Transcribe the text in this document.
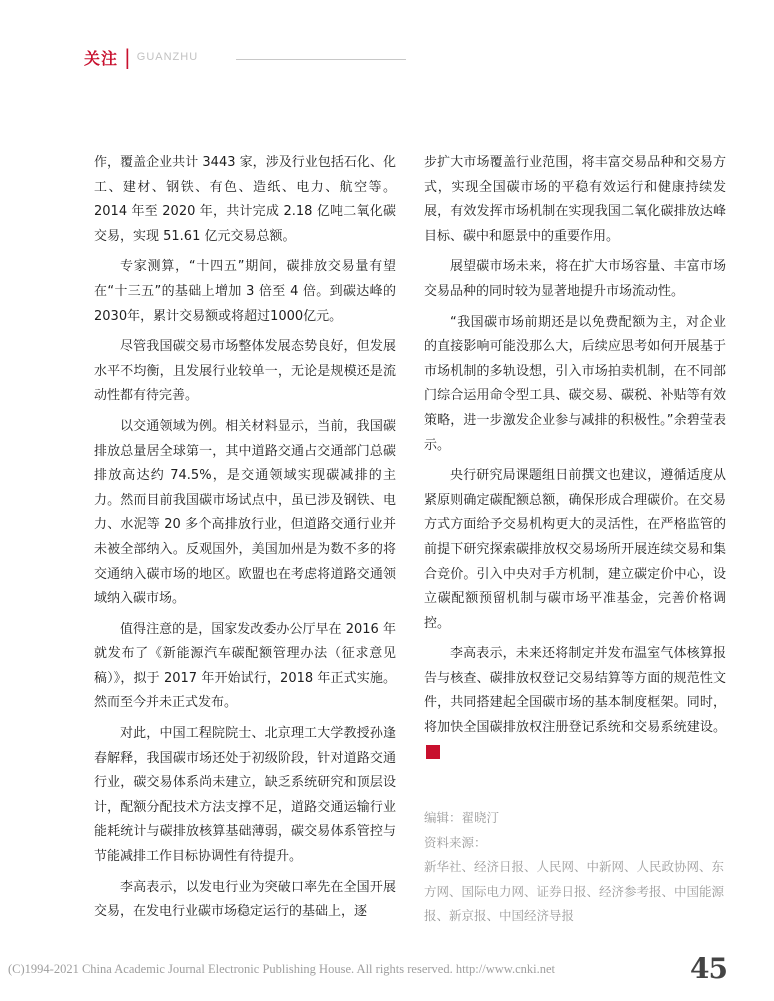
关注 | GUANZHU

作，覆盖企业共计 3443 家，涉及行业包括石化、化工、建材、钢铁、有色、造纸、电力、航空等。2014 年至 2020 年，共计完成 2.18 亿吨二氧化碳交易，实现 51.61 亿元交易总额。

专家测算，“十四五”期间，碳排放交易量有望在“十三五”的基础上增加 3 倍至 4 倍。到碳达峰的2030年，累计交易额或将超过1000亿元。

尽管我国碳交易市场整体发展态势良好，但发展水平不均衡，且发展行业较单一，无论是规模还是流动性都有待完善。

以交通领域为例。相关材料显示，当前，我国碳排放总量居全球第一，其中道路交通占交通部门总碳排放高达约 74.5%，是交通领域实现碳减排的主力。然而目前我国碳市场试点中，虽已涉及钢铁、电力、水泥等 20 多个高排放行业，但道路交通行业并未被全部纳入。反观国外，美国加州是为数不多的将交通纳入碳市场的地区。欧盟也在考虑将道路交通领域纳入碳市场。

值得注意的是，国家发改委办公厅早在 2016 年就发布了《新能源汽车碳配额管理办法（征求意见稿）》，拟于 2017 年开始试行，2018 年正式实施。然而至今并未正式发布。

对此，中国工程院院士、北京理工大学教授孙逢春解释，我国碳市场还处于初级阶段，针对道路交通行业，碳交易体系尚未建立，缺乏系统研究和顶层设计，配额分配技术方法支撑不足，道路交通运输行业能耗统计与碳排放核算基础薄弱，碳交易体系管控与节能减排工作目标协调性有待提升。

李高表示，以发电行业为突破口率先在全国开展交易，在发电行业碳市场稳定运行的基础上，逐

步扩大市场覆盖行业范围，将丰富交易品种和交易方式，实现全国碳市场的平稳有效运行和健康持续发展，有效发挥市场机制在实现我国二氧化碳排放达峰目标、碳中和愿景中的重要作用。

展望碳市场未来，将在扩大市场容量、丰富市场交易品种的同时较为显著地提升市场流动性。

“我国碳市场前期还是以免费配额为主，对企业的直接影响可能没那么大，后续应思考如何开展基于市场机制的多轨设想，引入市场拍卖机制，在不同部门综合运用命令型工具、碳交易、碳税、补贴等有效策略，进一步激发企业参与减排的积极性。”余碧莹表示。

央行研究局课题组日前撰文也建议，遵循适度从紧原则确定碳配额总额，确保形成合理碳价。在交易方式方面给予交易机构更大的灵活性，在严格监管的前提下研究探索碳排放权交易场所开展连续交易和集合竞价。引入中央对手方机制，建立碳定价中心，设立碳配额预留机制与碳市场平准基金，完善价格调控。

李高表示，未来还将制定并发布温室气体核算报告与核查、碳排放权登记交易结算等方面的规范性文件，共同搭建起全国碳市场的基本制度框架。同时，将加快全国碳排放权注册登记系统和交易系统建设。E

编辑：翟晓汀
资料来源：
新华社、经济日报、人民网、中新网、人民政协网、东方网、国际电力网、证券日报、经济参考报、中国能源报、新京报、中国经济导报
(C)1994-2021 China Academic Journal Electronic Publishing House. All rights reserved. http://www.cnki.net	45
